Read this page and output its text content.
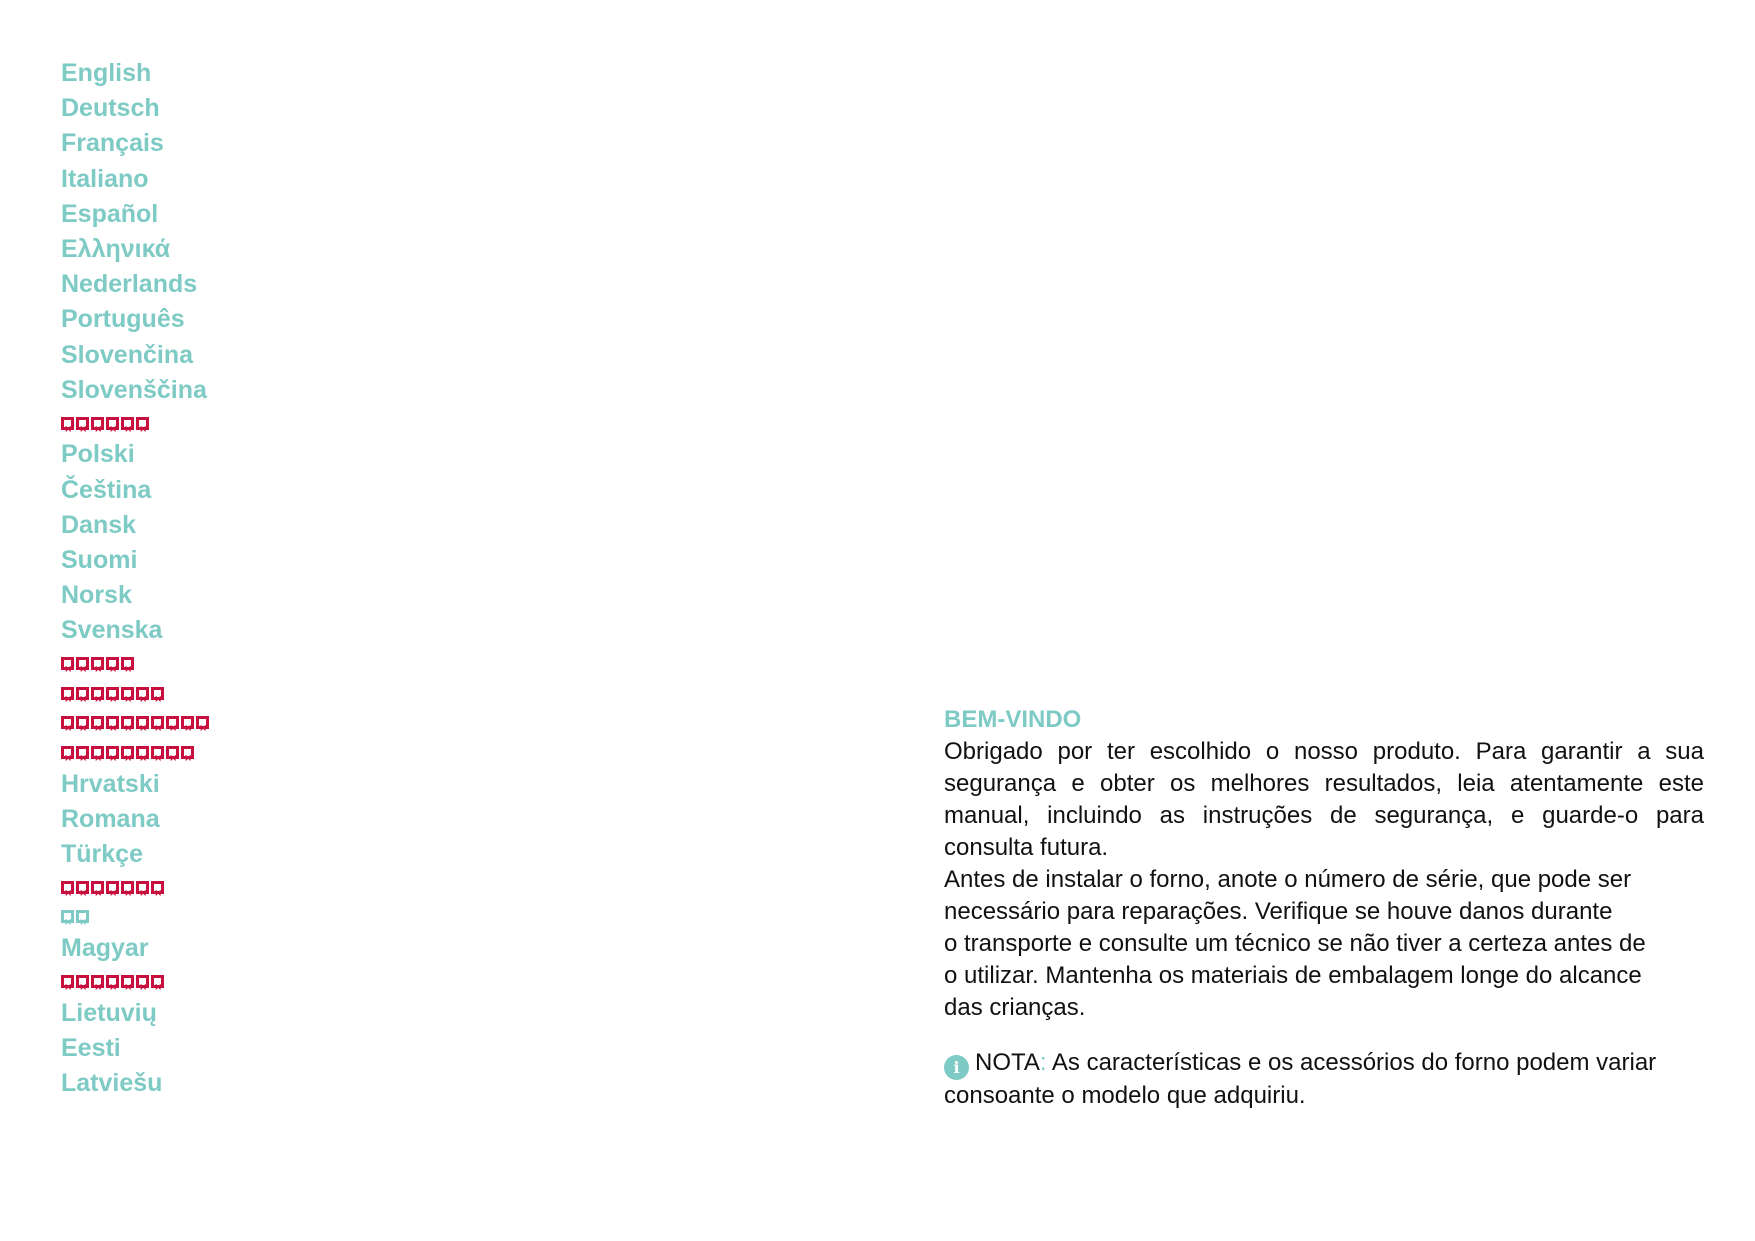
English
Deutsch
Français
Italiano
Español
Ελληνικά
Nederlands
Português
Slovenčina
Slovenščina
××××××
Polski
Čeština
Dansk
Suomi
Norsk
Svenska
×××××
×××××××
××××××××××
×××××××××
Hrvatski
Romana
Türkçe
×××××××
××
Magyar
×××××××
Lietuvių
Eesti
Latviešu
BEM-VINDO

Obrigado por ter escolhido o nosso produto. Para garantir a sua segurança e obter os melhores resultados, leia atentamente este manual, incluindo as instruções de segurança, e guarde-o para consulta futura.

Antes de instalar o forno, anote o número de série, que pode ser
necessário para reparações. Verifique se houve danos durante
o transporte e consulte um técnico se não tiver a certeza antes de
o utilizar. Mantenha os materiais de embalagem longe do alcance
das crianças.
i NOTA: As características e os acessórios do forno podem variar
consoante o modelo que adquiriu.
